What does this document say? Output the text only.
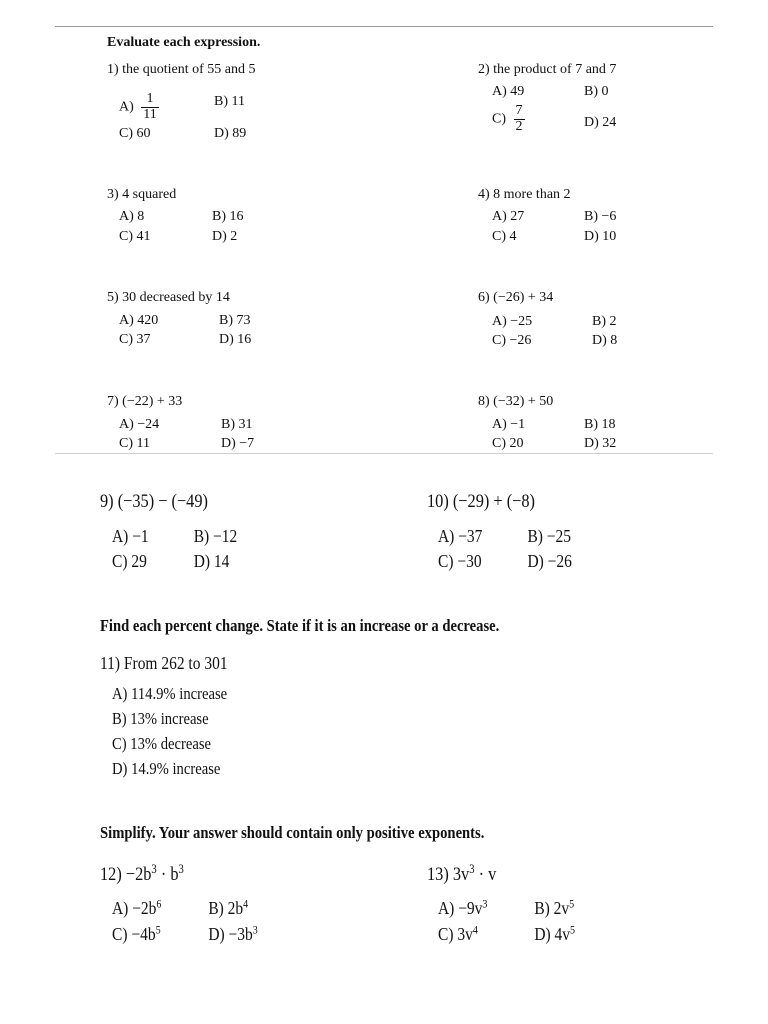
Evaluate each expression.
1) the quotient of 55 and 5
$A) \frac{1}{11}$	B) 11
C) 60	D) 89
2) the product of 7 and 7
A) 49	B) 0
$C) \frac{7}{2}$	D) 24
3) 4 squared
A) 8	B) 16
C) 41	D) 2
4) 8 more than 2
A) 27	B) −6
C) 4	D) 10
5) 30 decreased by 14
A) 420	B) 73
C) 37	D) 16
6) (−26) + 34
A) −25	B) 2
C) −26	D) 8
7) (−22) + 33
A) −24	B) 31
C) 11	D) −7
8) (−32) + 50
A) −1	B) 18
C) 20	D) 32
9) (−35) − (−49)
A) −1	B) −12
C) 29	D) 14
10) (−29) + (−8)
A) −37	B) −25
C) −30	D) −26
Find each percent change. State if it is an increase or a decrease.
11) From 262 to 301
A) 114.9% increase
B) 13% increase
C) 13% decrease
D) 14.9% increase
Simplify. Your answer should contain only positive exponents.
$12) -2b^3 \cdot b^3$
$A) -2b^6$	B) $2b^4$
$C) -4b^5$	$D) -3b^3$
13) $3v^3 \cdot v$
$A) -9v^3$	B) $2v^5$
C) $3v^4$	D) $4v^5$
